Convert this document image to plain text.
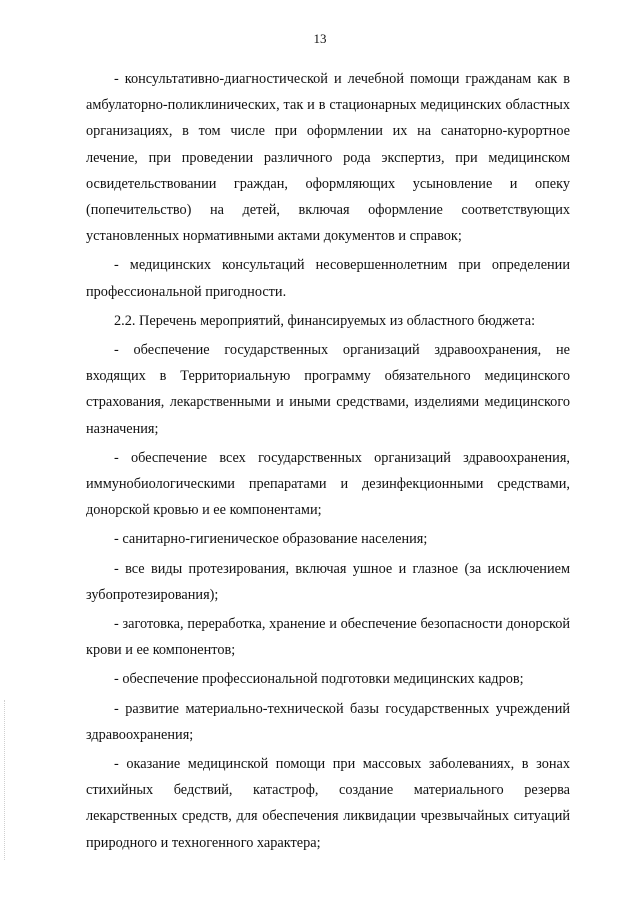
13

- консультативно-диагностической и лечебной помощи гражданам как в амбулаторно-поликлинических, так и в стационарных медицинских областных организациях, в том числе при оформлении их на санаторно-курортное лечение, при проведении различного рода экспертиз, при медицинском освидетельствовании граждан, оформляющих усыновление и опеку (попечительство) на детей, включая оформление соответствующих установленных нормативными актами документов и справок;

- медицинских консультаций несовершеннолетним при определении профессиональной пригодности.

2.2. Перечень мероприятий, финансируемых из областного бюджета:

- обеспечение государственных организаций здравоохранения, не входящих в Территориальную программу обязательного медицинского страхования, лекарственными и иными средствами, изделиями медицинского назначения;

- обеспечение всех государственных организаций здравоохранения, иммунобиологическими препаратами и дезинфекционными средствами, донорской кровью и ее компонентами;

- санитарно-гигиеническое образование населения;

- все виды протезирования, включая ушное и глазное (за исключением зубопротезирования);

- заготовка, переработка, хранение и обеспечение безопасности донорской крови и ее компонентов;

- обеспечение профессиональной подготовки медицинских кадров;

- развитие материально-технической базы государственных учреждений здравоохранения;

- оказание медицинской помощи при массовых заболеваниях, в зонах стихийных бедствий, катастроф, создание материального резерва лекарственных средств, для обеспечения ликвидации чрезвычайных ситуаций природного и техногенного характера;
